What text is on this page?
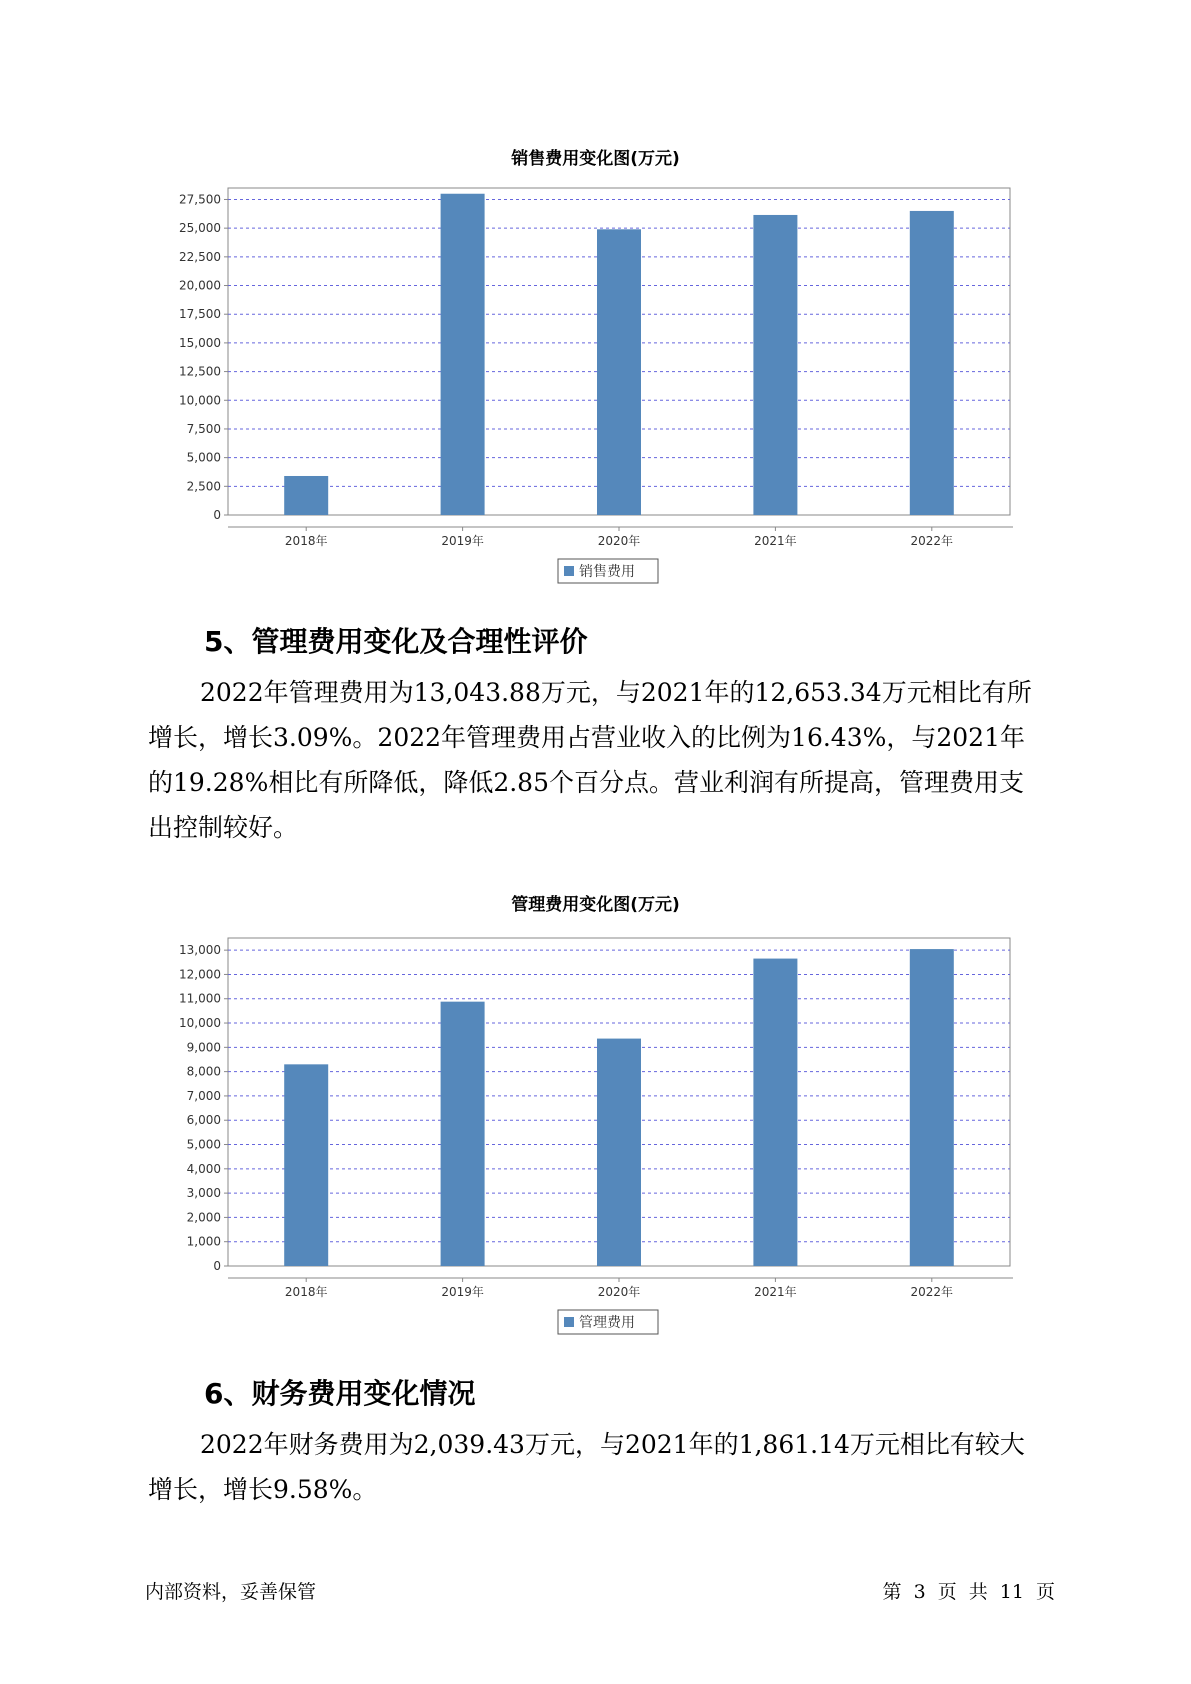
销售费用变化图(万元)
0
2,500
5,000
7,500
10,000
12,500
15,000
17,500
20,000
22,500
25,000
27,500
2018年	2019年	2020年	2021年	2022年
销售费用
5、管理费用变化及合理性评价

2022年管理费用为13,043.88万元，与2021年的12,653.34万元相比有所增长，增长3.09%。2022年管理费用占营业收入的比例为16.43%，与2021年的19.28%相比有所降低，降低2.85个百分点。营业利润有所提高，管理费用支出控制较好。

管理费用变化图(万元)
0
1,000
2,000
3,000
4,000
5,000
6,000
7,000
8,000
9,000
10,000
11,000
12,000
13,000
2018年	2019年	2020年	2021年	2022年
管理费用
6、财务费用变化情况

2022年财务费用为2,039.43万元，与2021年的1,861.14万元相比有较大增长，增长9.58%。

内部资料，妥善保管	第 3 页 共 11 页
